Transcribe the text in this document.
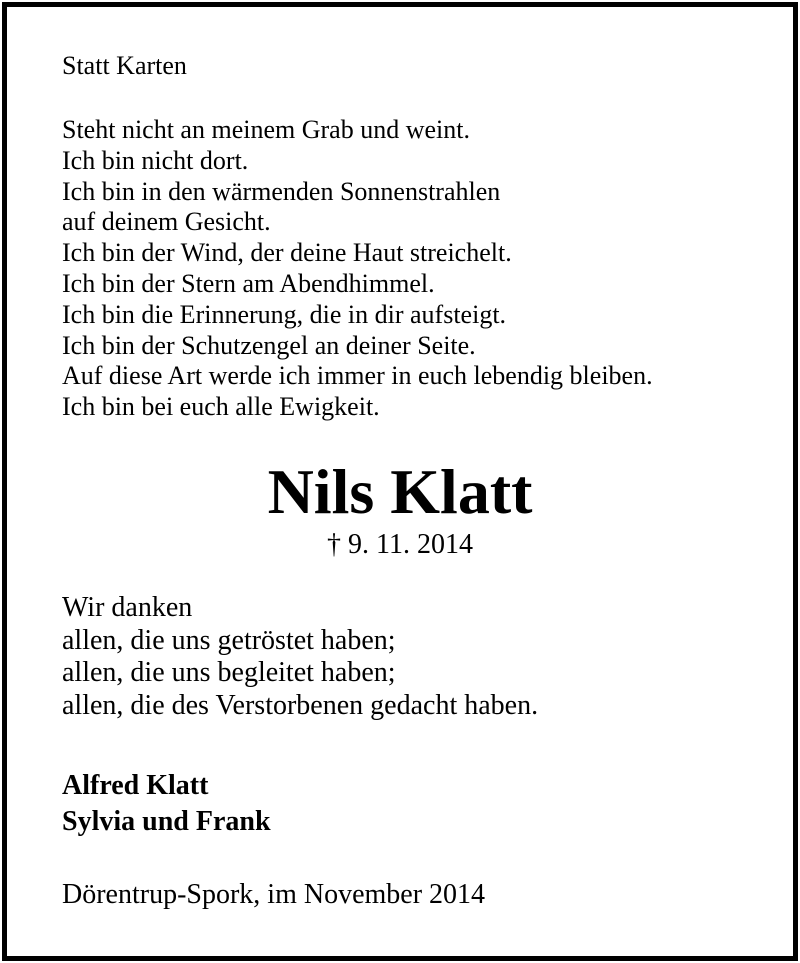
Statt Karten
Steht nicht an meinem Grab und weint.
Ich bin nicht dort.
Ich bin in den wärmenden Sonnenstrahlen
auf deinem Gesicht.
Ich bin der Wind, der deine Haut streichelt.
Ich bin der Stern am Abendhimmel.
Ich bin die Erinnerung, die in dir aufsteigt.
Ich bin der Schutzengel an deiner Seite.
Auf diese Art werde ich immer in euch lebendig bleiben.
Ich bin bei euch alle Ewigkeit.
Nils Klatt
† 9. 11. 2014
Wir danken
allen, die uns getröstet haben;
allen, die uns begleitet haben;
allen, die des Verstorbenen gedacht haben.
Alfred Klatt
Sylvia und Frank
Dörentrup-Spork, im November 2014
